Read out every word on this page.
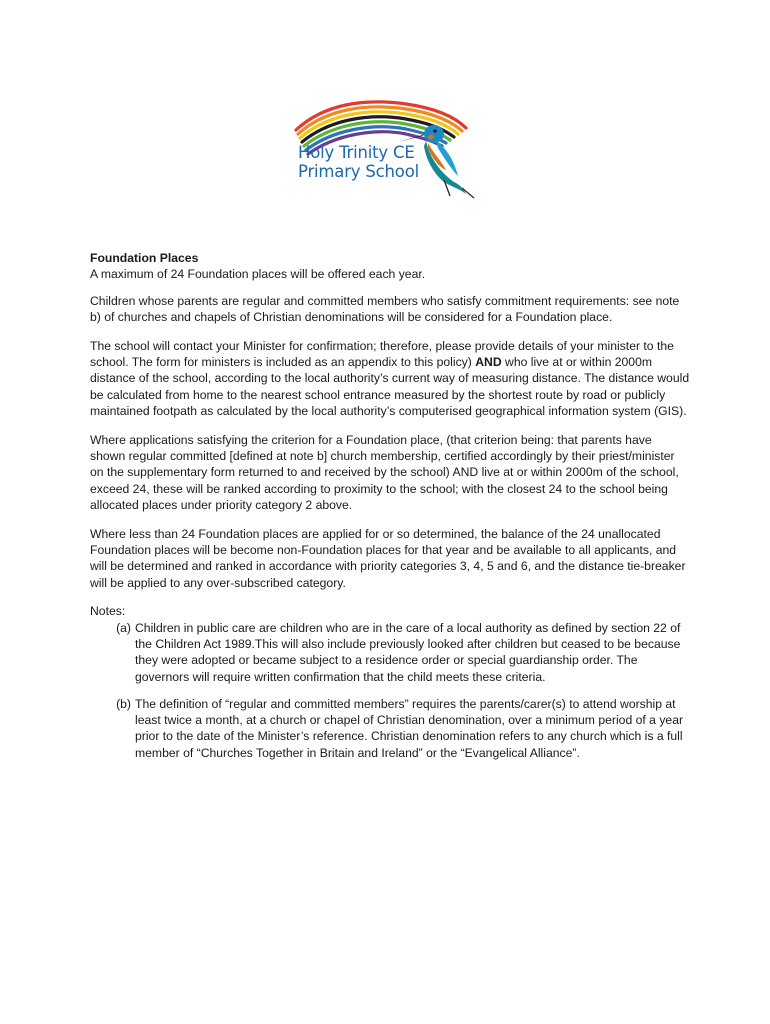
Holy Trinity CE
Primary School
Foundation Places

A maximum of 24 Foundation places will be offered each year.

Children whose parents are regular and committed members who satisfy commitment requirements: see note b) of churches and chapels of Christian denominations will be considered for a Foundation place.

The school will contact your Minister for confirmation; therefore, please provide details of your minister to the school. The form for ministers is included as an appendix to this policy) AND who live at or within 2000m distance of the school, according to the local authority’s current way of measuring distance. The distance would be calculated from home to the nearest school entrance measured by the shortest route by road or publicly maintained footpath as calculated by the local authority’s computerised geographical information system (GIS).

Where applications satisfying the criterion for a Foundation place, (that criterion being: that parents have shown regular committed [defined at note b] church membership, certified accordingly by their priest/minister on the supplementary form returned to and received by the school) AND live at or within 2000m of the school, exceed 24, these will be ranked according to proximity to the school; with the closest 24 to the school being allocated places under priority category 2 above.

Where less than 24 Foundation places are applied for or so determined, the balance of the 24 unallocated Foundation places will be become non-Foundation places for that year and be available to all applicants, and will be determined and ranked in accordance with priority categories 3, 4, 5 and 6, and the distance tie-breaker will be applied to any over-subscribed category.

Notes:
(a) Children in public care are children who are in the care of a local authority as defined by section 22 of the Children Act 1989.This will also include previously looked after children but ceased to be because they were adopted or became subject to a residence order or special guardianship order. The governors will require written confirmation that the child meets these criteria.
(b) The definition of “regular and committed members” requires the parents/carer(s) to attend worship at least twice a month, at a church or chapel of Christian denomination, over a minimum period of a year prior to the date of the Minister’s reference. Christian denomination refers to any church which is a full member of “Churches Together in Britain and Ireland” or the “Evangelical Alliance”.
